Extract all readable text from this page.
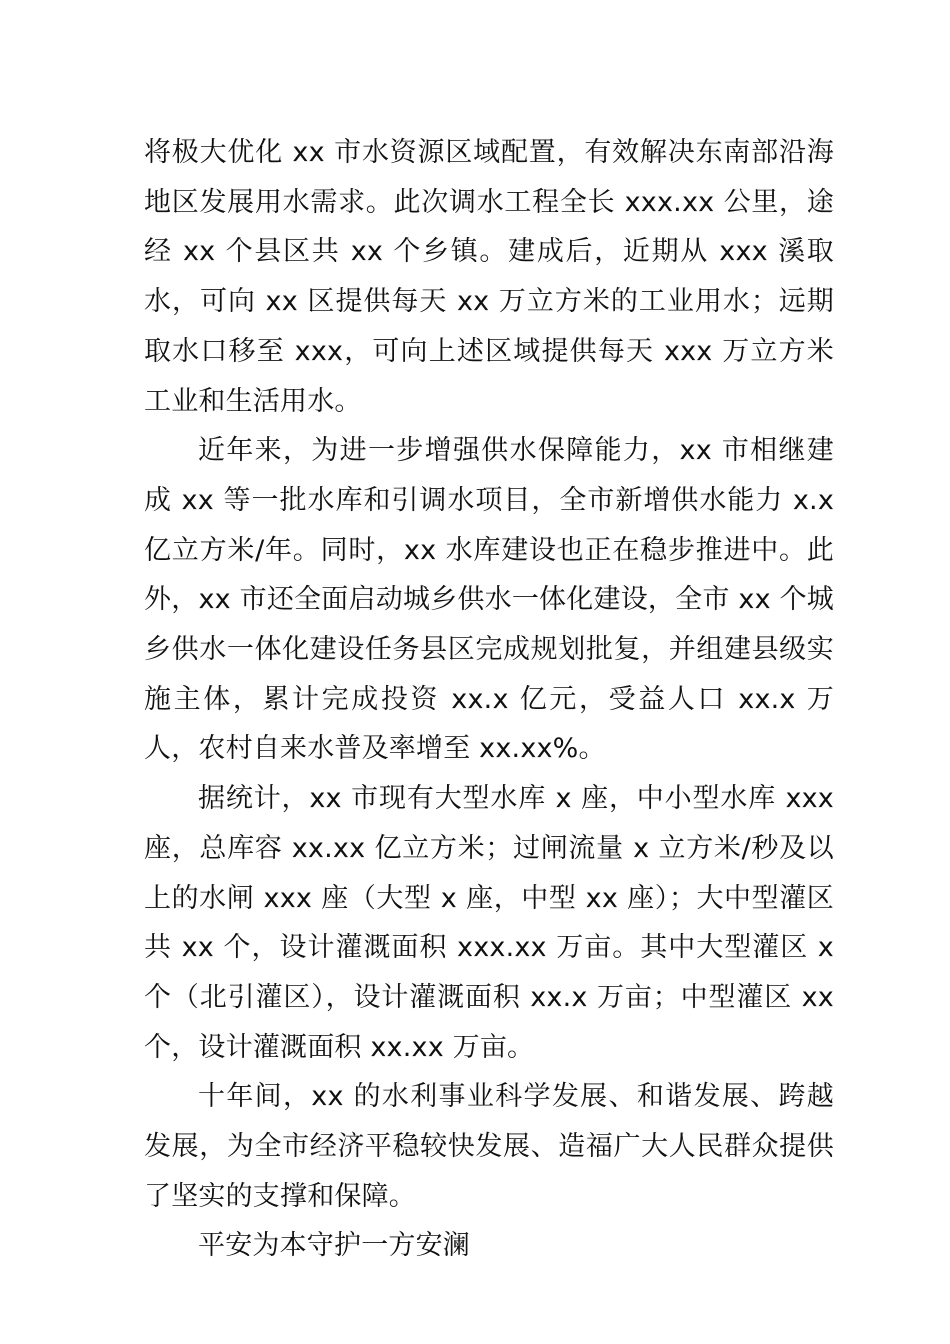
将极大优化 xx 市水资源区域配置，有效解决东南部沿海地区发展用水需求。此次调水工程全长 xxx.xx 公里，途经 xx 个县区共 xx 个乡镇。建成后，近期从 xxx 溪取水，可向 xx 区提供每天 xx 万立方米的工业用水；远期取水口移至 xxx，可向上述区域提供每天 xxx 万立方米工业和生活用水。

近年来，为进一步增强供水保障能力，xx 市相继建成 xx 等一批水库和引调水项目，全市新增供水能力 x.x 亿立方米/年。同时，xx 水库建设也正在稳步推进中。此外，xx 市还全面启动城乡供水一体化建设，全市 xx 个城乡供水一体化建设任务县区完成规划批复，并组建县级实施主体，累计完成投资 xx.x 亿元，受益人口 xx.x 万人，农村自来水普及率增至 xx.xx%。

据统计，xx 市现有大型水库 x 座，中小型水库 xxx 座，总库容 xx.xx 亿立方米；过闸流量 x 立方米/秒及以上的水闸 xxx 座（大型 x 座，中型 xx 座）；大中型灌区共 xx 个，设计灌溉面积 xxx.xx 万亩。其中大型灌区 x 个（北引灌区），设计灌溉面积 xx.x 万亩；中型灌区 xx 个，设计灌溉面积 xx.xx 万亩。

十年间，xx 的水利事业科学发展、和谐发展、跨越发展，为全市经济平稳较快发展、造福广大人民群众提供了坚实的支撑和保障。

平安为本守护一方安澜
